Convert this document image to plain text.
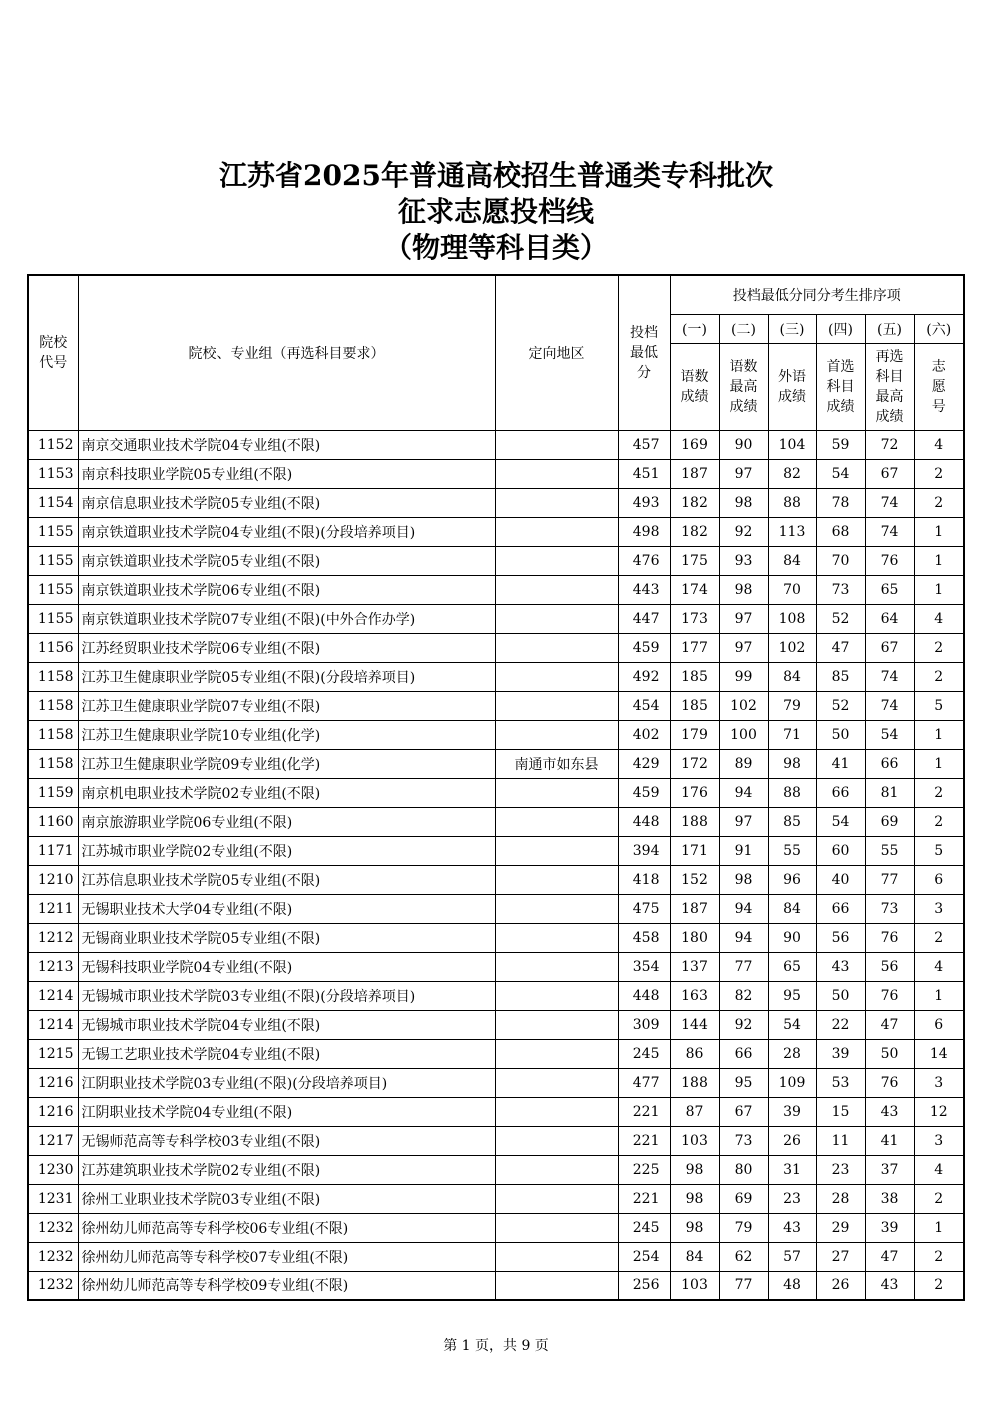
江苏省2025年普通高校招生普通类专科批次
征求志愿投档线
（物理等科目类）
院校代号	院校、专业组（再选科目要求）	定向地区	投档最低分	投档最低分同分考生排序项					
				(一)	(二)	(三)	(四)	(五)	(六)

				语数成绩	语数最高成绩	外语成绩	首选科目成绩	再选科目最高成绩	志愿号

1152	南京交通职业技术学院04专业组(不限)		457	169	90	104	59	72	4
1153	南京科技职业学院05专业组(不限)		451	187	97	82	54	67	2
1154	南京信息职业技术学院05专业组(不限)		493	182	98	88	78	74	2
1155	南京铁道职业技术学院04专业组(不限)(分段培养项目)		498	182	92	113	68	74	1
1155	南京铁道职业技术学院05专业组(不限)		476	175	93	84	70	76	1
1155	南京铁道职业技术学院06专业组(不限)		443	174	98	70	73	65	1
1155	南京铁道职业技术学院07专业组(不限)(中外合作办学)		447	173	97	108	52	64	4
1156	江苏经贸职业技术学院06专业组(不限)		459	177	97	102	47	67	2
1158	江苏卫生健康职业学院05专业组(不限)(分段培养项目)		492	185	99	84	85	74	2
1158	江苏卫生健康职业学院07专业组(不限)		454	185	102	79	52	74	5
1158	江苏卫生健康职业学院10专业组(化学)		402	179	100	71	50	54	1
1158	江苏卫生健康职业学院09专业组(化学)	南通市如东县	429	172	89	98	41	66	1
1159	南京机电职业技术学院02专业组(不限)		459	176	94	88	66	81	2
1160	南京旅游职业学院06专业组(不限)		448	188	97	85	54	69	2
1171	江苏城市职业学院02专业组(不限)		394	171	91	55	60	55	5
1210	江苏信息职业技术学院05专业组(不限)		418	152	98	96	40	77	6
1211	无锡职业技术大学04专业组(不限)		475	187	94	84	66	73	3
1212	无锡商业职业技术学院05专业组(不限)		458	180	94	90	56	76	2
1213	无锡科技职业学院04专业组(不限)		354	137	77	65	43	56	4
1214	无锡城市职业技术学院03专业组(不限)(分段培养项目)		448	163	82	95	50	76	1
1214	无锡城市职业技术学院04专业组(不限)		309	144	92	54	22	47	6
1215	无锡工艺职业技术学院04专业组(不限)		245	86	66	28	39	50	14
1216	江阴职业技术学院03专业组(不限)(分段培养项目)		477	188	95	109	53	76	3
1216	江阴职业技术学院04专业组(不限)		221	87	67	39	15	43	12
1217	无锡师范高等专科学校03专业组(不限)		221	103	73	26	11	41	3
1230	江苏建筑职业技术学院02专业组(不限)		225	98	80	31	23	37	4
1231	徐州工业职业技术学院03专业组(不限)		221	98	69	23	28	38	2
1232	徐州幼儿师范高等专科学校06专业组(不限)		245	98	79	43	29	39	1
1232	徐州幼儿师范高等专科学校07专业组(不限)		254	84	62	57	27	47	2
1232	徐州幼儿师范高等专科学校09专业组(不限)		256	103	77	48	26	43	2
第 1 页，共 9 页
